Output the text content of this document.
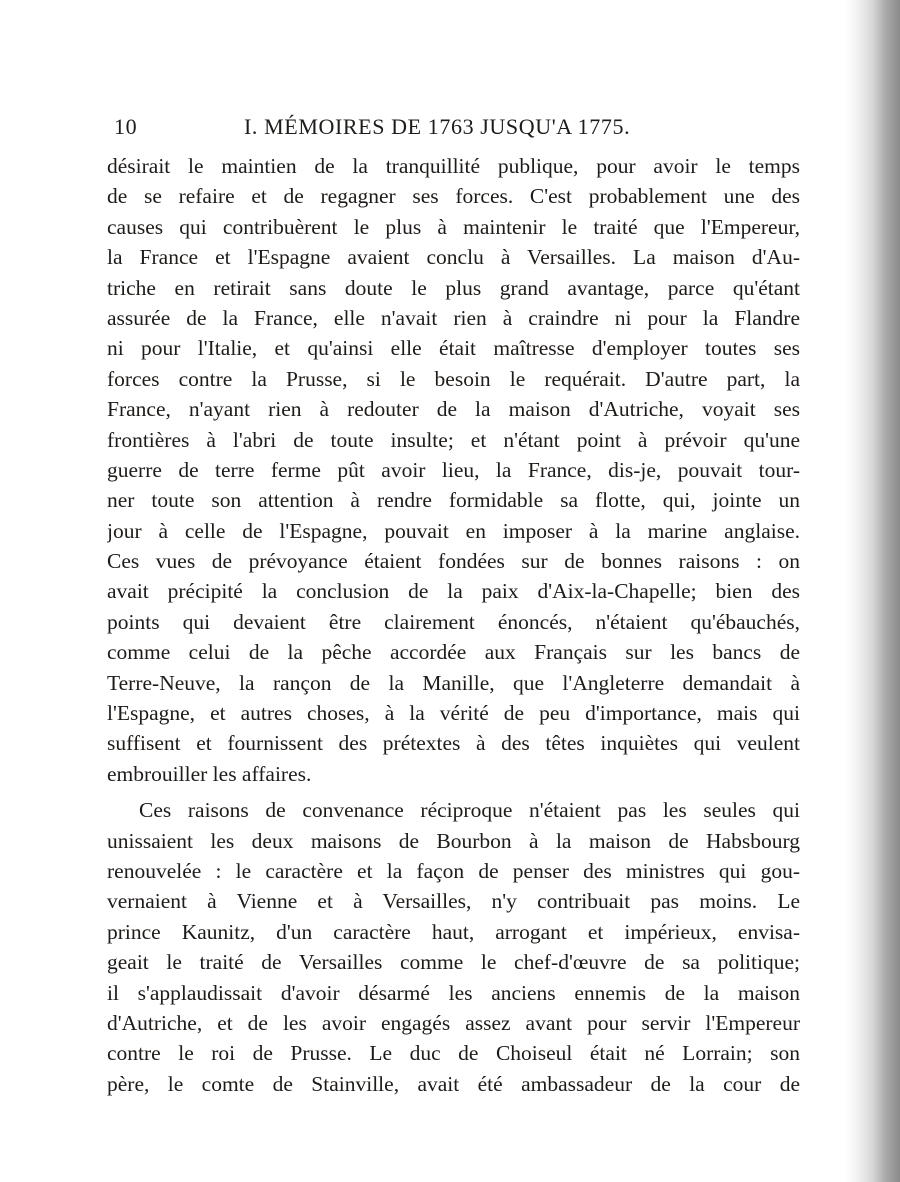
10	I. MÉMOIRES DE 1763 JUSQU'A 1775.
désirait le maintien de la tranquillité publique, pour avoir le temps
de se refaire et de regagner ses forces. C'est probablement une des
causes qui contribuèrent le plus à maintenir le traité que l'Empereur,
la France et l'Espagne avaient conclu à Versailles. La maison d'Au-
triche en retirait sans doute le plus grand avantage, parce qu'étant
assurée de la France, elle n'avait rien à craindre ni pour la Flandre
ni pour l'Italie, et qu'ainsi elle était maîtresse d'employer toutes ses
forces contre la Prusse, si le besoin le requérait. D'autre part, la
France, n'ayant rien à redouter de la maison d'Autriche, voyait ses
frontières à l'abri de toute insulte; et n'étant point à prévoir qu'une
guerre de terre ferme pût avoir lieu, la France, dis-je, pouvait tour-
ner toute son attention à rendre formidable sa flotte, qui, jointe un
jour à celle de l'Espagne, pouvait en imposer à la marine anglaise.
Ces vues de prévoyance étaient fondées sur de bonnes raisons : on
avait précipité la conclusion de la paix d'Aix-la-Chapelle; bien des
points qui devaient être clairement énoncés, n'étaient qu'ébauchés,
comme celui de la pêche accordée aux Français sur les bancs de
Terre-Neuve, la rançon de la Manille, que l'Angleterre demandait à
l'Espagne, et autres choses, à la vérité de peu d'importance, mais qui
suffisent et fournissent des prétextes à des têtes inquiètes qui veulent
embrouiller les affaires.
Ces raisons de convenance réciproque n'étaient pas les seules qui
unissaient les deux maisons de Bourbon à la maison de Habsbourg
renouvelée : le caractère et la façon de penser des ministres qui gou-
vernaient à Vienne et à Versailles, n'y contribuait pas moins. Le
prince Kaunitz, d'un caractère haut, arrogant et impérieux, envisa-
geait le traité de Versailles comme le chef-d'œuvre de sa politique;
il s'applaudissait d'avoir désarmé les anciens ennemis de la maison
d'Autriche, et de les avoir engagés assez avant pour servir l'Empereur
contre le roi de Prusse. Le duc de Choiseul était né Lorrain; son
père, le comte de Stainville, avait été ambassadeur de la cour de
